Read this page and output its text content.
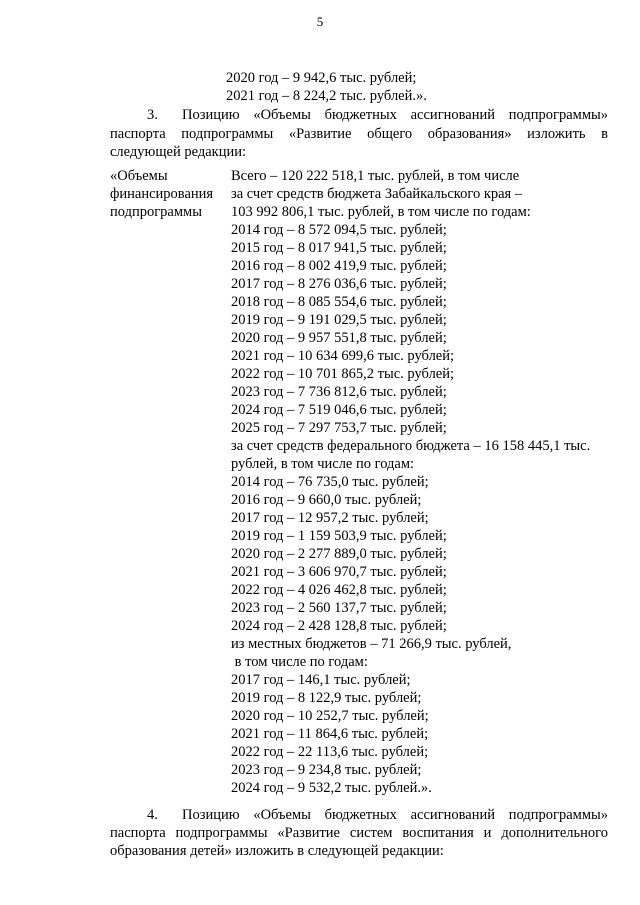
5
2020 год – 9 942,6 тыс. рублей;
2021 год – 8 224,2 тыс. рублей.».
3. Позицию «Объемы бюджетных ассигнований подпрограммы»
паспорта подпрограммы «Развитие общего образования» изложить в
следующей редакции:
«Объемы
финансирования
подпрограммы
Всего – 120 222 518,1 тыс. рублей, в том числе
за счет средств бюджета Забайкальского края –
103 992 806,1 тыс. рублей, в том числе по годам:
2014 год – 8 572 094,5 тыс. рублей;
2015 год – 8 017 941,5 тыс. рублей;
2016 год – 8 002 419,9 тыс. рублей;
2017 год – 8 276 036,6 тыс. рублей;
2018 год – 8 085 554,6 тыс. рублей;
2019 год – 9 191 029,5 тыс. рублей;
2020 год – 9 957 551,8 тыс. рублей;
2021 год – 10 634 699,6 тыс. рублей;
2022 год – 10 701 865,2 тыс. рублей;
2023 год – 7 736 812,6 тыс. рублей;
2024 год – 7 519 046,6 тыс. рублей;
2025 год – 7 297 753,7 тыс. рублей;
за счет средств федерального бюджета – 16 158 445,1 тыс.
рублей, в том числе по годам:
2014 год – 76 735,0 тыс. рублей;
2016 год – 9 660,0 тыс. рублей;
2017 год – 12 957,2 тыс. рублей;
2019 год – 1 159 503,9 тыс. рублей;
2020 год – 2 277 889,0 тыс. рублей;
2021 год – 3 606 970,7 тыс. рублей;
2022 год – 4 026 462,8 тыс. рублей;
2023 год – 2 560 137,7 тыс. рублей;
2024 год – 2 428 128,8 тыс. рублей;
из местных бюджетов – 71 266,9 тыс. рублей,
в том числе по годам:
2017 год – 146,1 тыс. рублей;
2019 год – 8 122,9 тыс. рублей;
2020 год – 10 252,7 тыс. рублей;
2021 год – 11 864,6 тыс. рублей;
2022 год – 22 113,6 тыс. рублей;
2023 год – 9 234,8 тыс. рублей;
2024 год – 9 532,2 тыс. рублей.».
4. Позицию «Объемы бюджетных ассигнований подпрограммы»
паспорта подпрограммы «Развитие систем воспитания и дополнительного
образования детей» изложить в следующей редакции:
